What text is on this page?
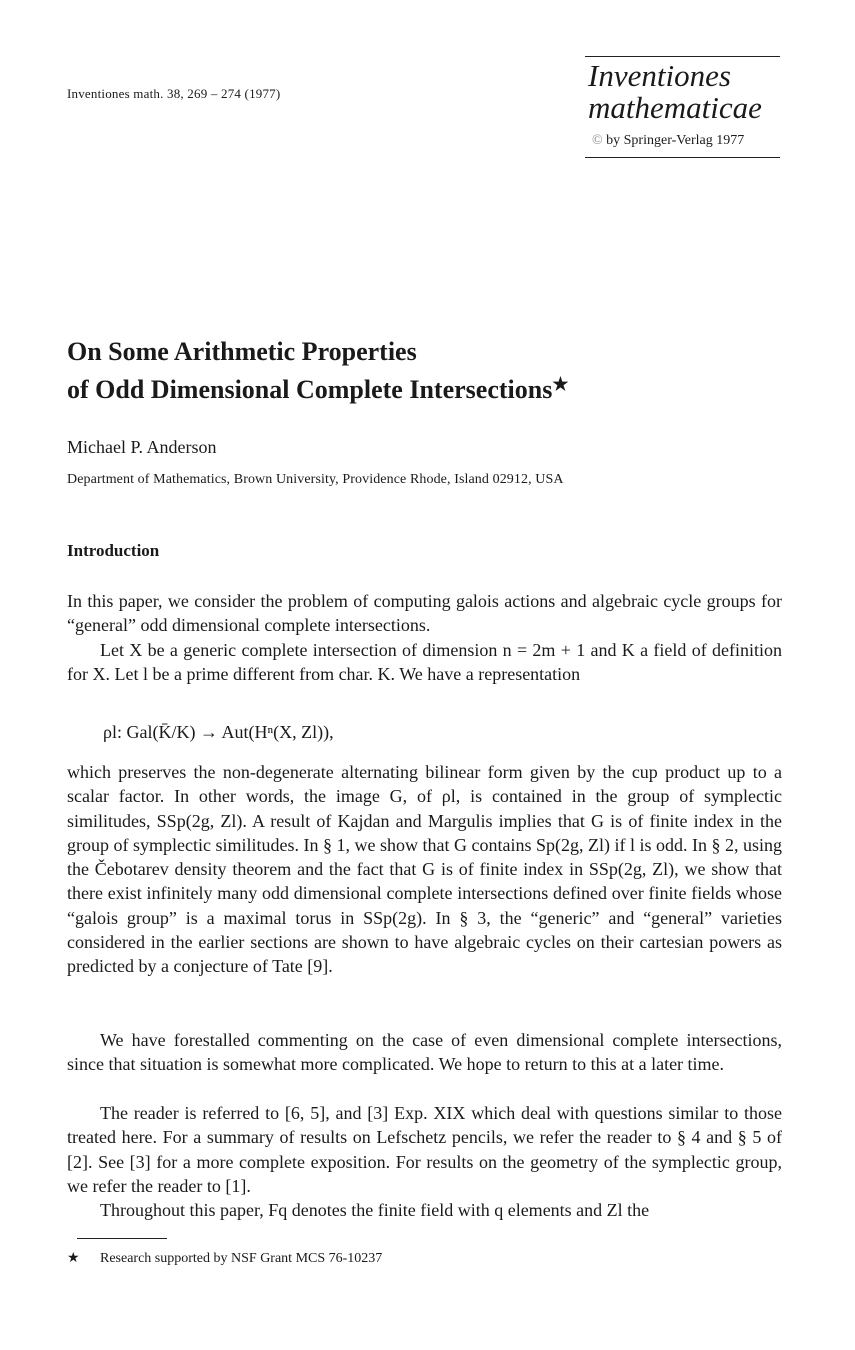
Inventiones math. 38, 269 – 274 (1977)
Inventiones
mathematicae
© by Springer-Verlag 1977
On Some Arithmetic Properties
of Odd Dimensional Complete Intersections★
Michael P. Anderson
Department of Mathematics, Brown University, Providence Rhode, Island 02912, USA
Introduction

In this paper, we consider the problem of computing galois actions and algebraic cycle groups for “general” odd dimensional complete intersections.

Let X be a generic complete intersection of dimension n = 2m + 1 and K a field of definition for X. Let l be a prime different from char. K. We have a representation

ρl: Gal(K̄/K) → Aut(Hⁿ(X, Zl)),

which preserves the non-degenerate alternating bilinear form given by the cup product up to a scalar factor. In other words, the image G, of ρl, is contained in the group of symplectic similitudes, SSp(2g, Zl). A result of Kajdan and Margulis implies that G is of finite index in the group of symplectic similitudes. In § 1, we show that G contains Sp(2g, Zl) if l is odd. In § 2, using the Čebotarev density theorem and the fact that G is of finite index in SSp(2g, Zl), we show that there exist infinitely many odd dimensional complete intersections defined over finite fields whose “galois group” is a maximal torus in SSp(2g). In § 3, the “generic” and “general” varieties considered in the earlier sections are shown to have algebraic cycles on their cartesian powers as predicted by a conjecture of Tate [9].

We have forestalled commenting on the case of even dimensional complete intersections, since that situation is somewhat more complicated. We hope to return to this at a later time.

The reader is referred to [6, 5], and [3] Exp. XIX which deal with questions similar to those treated here. For a summary of results on Lefschetz pencils, we refer the reader to § 4 and § 5 of [2]. See [3] for a more complete exposition. For results on the geometry of the symplectic group, we refer the reader to [1].

Throughout this paper, Fq denotes the finite field with q elements and Zl the

★ Research supported by NSF Grant MCS 76-10237
